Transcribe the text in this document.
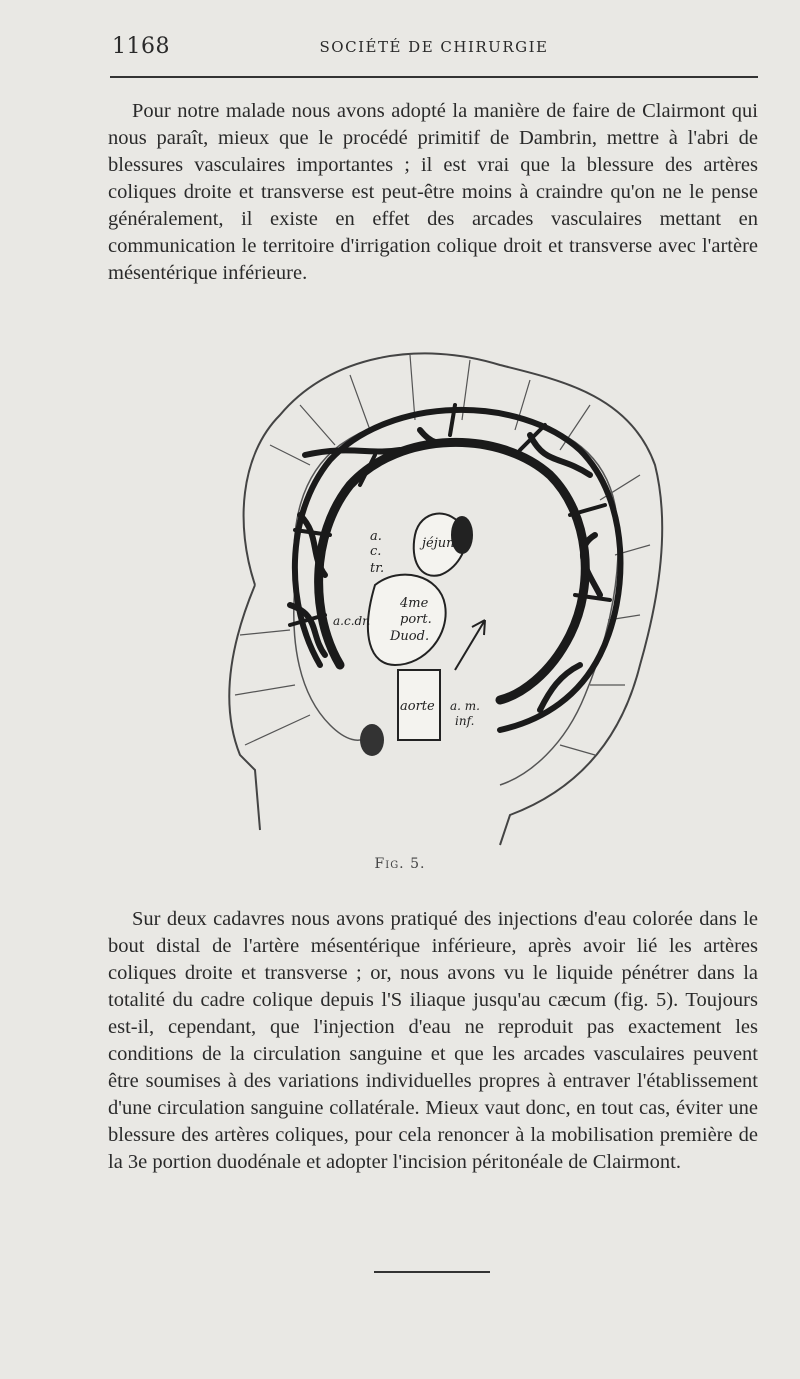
1168	SOCIÉTÉ DE CHIRURGIE

Pour notre malade nous avons adopté la manière de faire de Clairmont qui nous paraît, mieux que le procédé primitif de Dambrin, mettre à l'abri de blessures vasculaires importantes ; il est vrai que la blessure des artères coliques droite et transverse est peut-être moins à craindre qu'on ne le pense généralement, il existe en effet des arcades vasculaires mettant en communication le territoire d'irrigation colique droit et transverse avec l'artère mésentérique inférieure.

a.
c.
tr.
a.c.dr.
jéjun
4me
port.
Duod.
aorte a. m.
inf.
Fig. 5.

Sur deux cadavres nous avons pratiqué des injections d'eau colorée dans le bout distal de l'artère mésentérique inférieure, après avoir lié les artères coliques droite et transverse ; or, nous avons vu le liquide pénétrer dans la totalité du cadre colique depuis l'S iliaque jusqu'au cæcum (fig. 5). Toujours est-il, cependant, que l'injection d'eau ne reproduit pas exactement les conditions de la circulation sanguine et que les arcades vasculaires peuvent être soumises à des variations individuelles propres à entraver l'établissement d'une circulation sanguine collatérale. Mieux vaut donc, en tout cas, éviter une blessure des artères coliques, pour cela renoncer à la mobilisation première de la 3e portion duodénale et adopter l'incision péritonéale de Clairmont.
